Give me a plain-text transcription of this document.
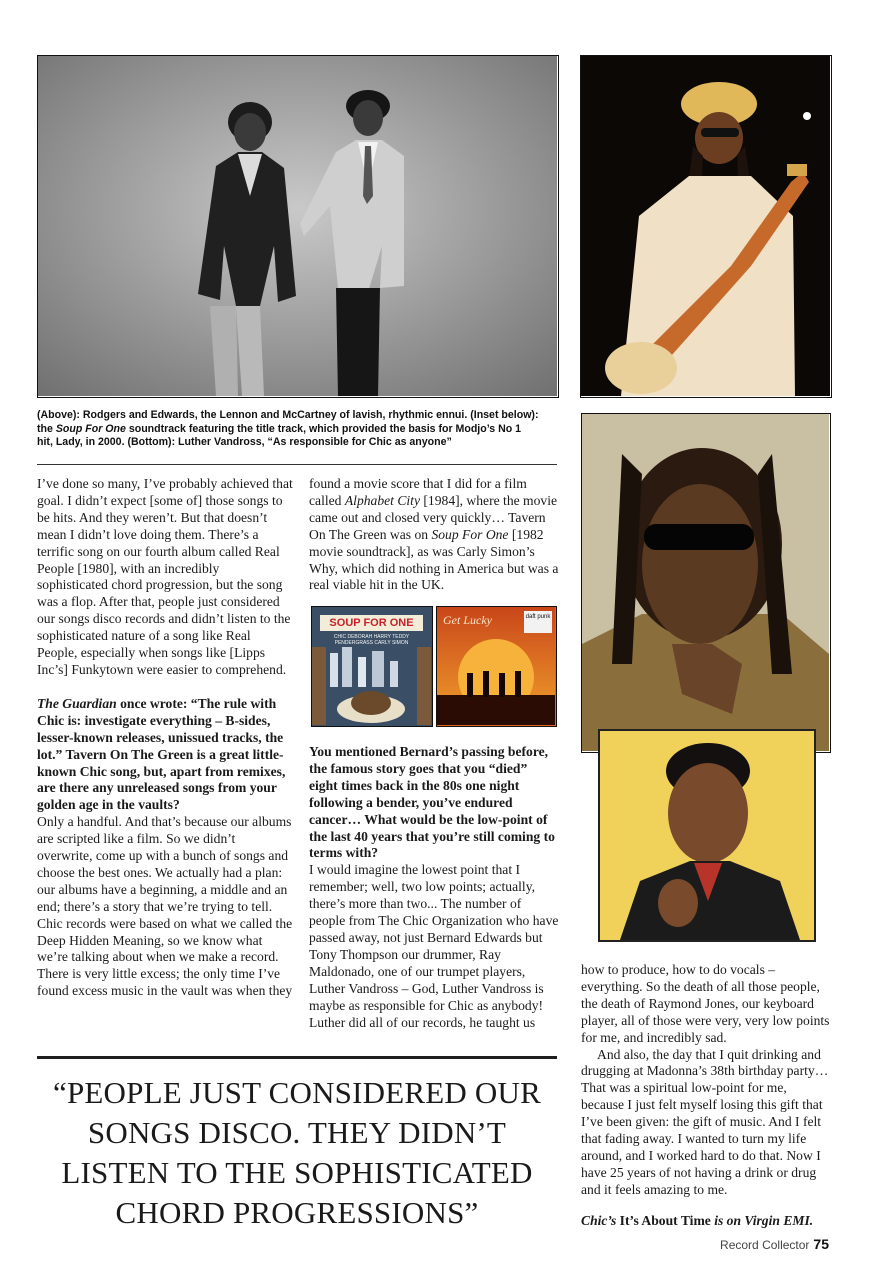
(Above): Rodgers and Edwards, the Lennon and McCartney of lavish, rhythmic ennui. (Inset below):
the Soup For One soundtrack featuring the title track, which provided the basis for Modjo’s No 1
hit, Lady, in 2000. (Bottom): Luther Vandross, “As responsible for Chic as anyone”

I’ve done so many, I’ve probably achieved that goal. I didn’t expect [some of] those songs to be hits. And they weren’t. But that doesn’t mean I didn’t love doing them. There’s a terrific song on our fourth album called Real People [1980], with an incredibly sophisticated chord progression, but the song was a flop. After that, people just considered our songs disco records and didn’t listen to the sophisticated nature of a song like Real People, especially when songs like [Lipps Inc’s] Funkytown were easier to comprehend.

The Guardian once wrote: “The rule with Chic is: investigate everything – B-sides, lesser-known releases, unissued tracks, the lot.” Tavern On The Green is a great little-known Chic song, but, apart from remixes, are there any unreleased songs from your golden age in the vaults?

Only a handful. And that’s because our albums are scripted like a film. So we didn’t overwrite, come up with a bunch of songs and choose the best ones. We actually had a plan: our albums have a beginning, a middle and an end; there’s a story that we’re trying to tell. Chic records were based on what we called the Deep Hidden Meaning, so we know what we’re talking about when we make a record. There is very little excess; the only time I’ve found excess music in the vault was when they

found a movie score that I did for a film called Alphabet City [1984], where the movie came out and closed very quickly… Tavern On The Green was on Soup For One [1982 movie soundtrack], as was Carly Simon’s Why, which did nothing in America but was a real viable hit in the UK.

SOUP FOR ONE
CHIC DEBORAH HARRY TEDDY PENDERGRASS CARLY SIMON
Get Lucky	daft punk

You mentioned Bernard’s passing before, the famous story goes that you “died” eight times back in the 80s one night following a bender, you’ve endured cancer… What would be the low-point of the last 40 years that you’re still coming to terms with?

I would imagine the lowest point that I remember; well, two low points; actually, there’s more than two... The number of people from The Chic Organization who have passed away, not just Bernard Edwards but Tony Thompson our drummer, Ray Maldonado, one of our trumpet players, Luther Vandross – God, Luther Vandross is maybe as responsible for Chic as anybody! Luther did all of our records, he taught us

how to produce, how to do vocals – everything. So the death of all those people, the death of Raymond Jones, our keyboard player, all of those were very, very low points for me, and incredibly sad.

And also, the day that I quit drinking and drugging at Madonna’s 38th birthday party… That was a spiritual low-point for me, because I just felt myself losing this gift that I’ve been given: the gift of music. And I felt that fading away. I wanted to turn my life around, and I worked hard to do that. Now I have 25 years of not having a drink or drug and it feels amazing to me.

Chic’s It’s About Time is on Virgin EMI.

“PEOPLE JUST CONSIDERED OUR
SONGS DISCO. THEY DIDN’T
LISTEN TO THE SOPHISTICATED
CHORD PROGRESSIONS”
Record Collector 75
